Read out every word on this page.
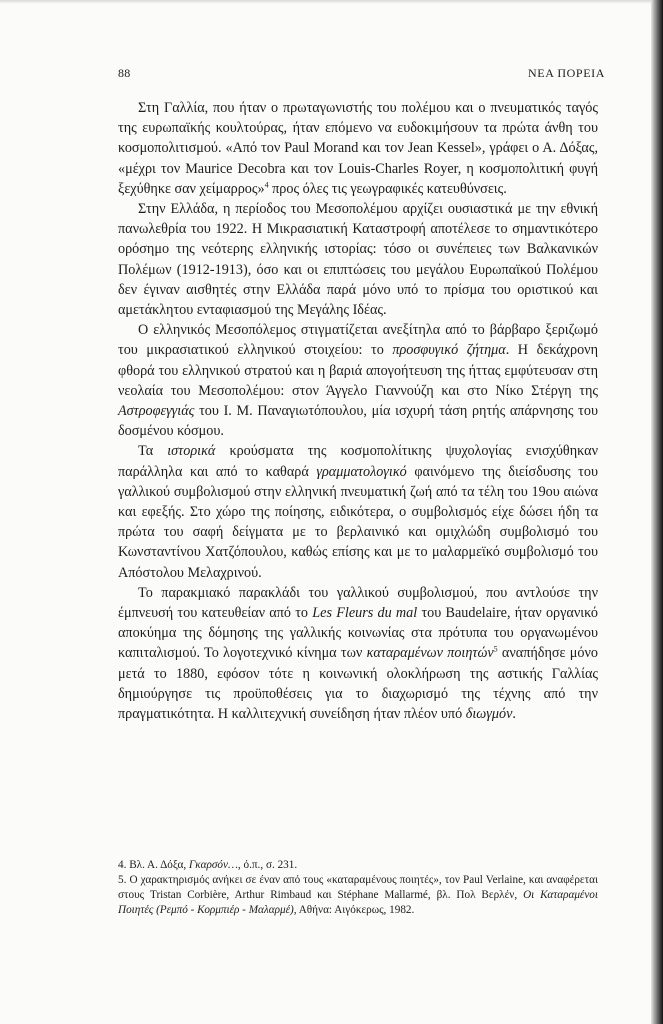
88	ΝΕΑ ΠΟΡΕΙΑ

Στη Γαλλία, που ήταν ο πρωταγωνιστής του πολέμου και ο πνευματικός ταγός της ευρωπαϊκής κουλτούρας, ήταν επόμενο να ευδοκιμήσουν τα πρώτα άνθη του κοσμοπολιτισμού. «Από τον Paul Morand και τον Jean Kessel», γράφει ο Α. Δόξας, «μέχρι τον Maurice Decobra και τον Louis-Charles Royer, η κοσμοπολιτική φυγή ξεχύθηκε σαν χείμαρρος»$^4$ προς όλες τις γεωγραφικές κατευθύνσεις.

Στην Ελλάδα, η περίοδος του Μεσοπολέμου αρχίζει ουσιαστικά με την εθνική πανωλεθρία του 1922. Η Μικρασιατική Καταστροφή αποτέλεσε το σημαντικότερο ορόσημο της νεότερης ελληνικής ιστορίας: τόσο οι συνέπειες των Βαλκανικών Πολέμων (1912-1913), όσο και οι επιπτώσεις του μεγάλου Ευρωπαϊκού Πολέμου δεν έγιναν αισθητές στην Ελλάδα παρά μόνο υπό το πρίσμα του οριστικού και αμετάκλητου ενταφιασμού της Μεγάλης Ιδέας.

Ο ελληνικός Μεσοπόλεμος στιγματίζεται ανεξίτηλα από το βάρβαρο ξεριζωμό του μικρασιατικού ελληνικού στοιχείου: το προσφυγικό ζήτημα. Η δεκάχρονη φθορά του ελληνικού στρατού και η βαριά απογοήτευση της ήττας εμφύτευσαν στη νεολαία του Μεσοπολέμου: στον Άγγελο Γιαννούζη και στο Νίκο Στέργη της Αστροφεγγιάς του Ι. Μ. Παναγιωτόπουλου, μία ισχυρή τάση ρητής απάρνησης του δοσμένου κόσμου.

Τα ιστορικά κρούσματα της κοσμοπολίτικης ψυχολογίας ενισχύθηκαν παράλληλα και από το καθαρά γραμματολογικό φαινόμενο της διείσδυσης του γαλλικού συμβολισμού στην ελληνική πνευματική ζωή από τα τέλη του 19ου αιώνα και εφεξής. Στο χώρο της ποίησης, ειδικότερα, ο συμβολισμός είχε δώσει ήδη τα πρώτα του σαφή δείγματα με το βερλαινικό και ομιχλώδη συμβολισμό του Κωνσταντίνου Χατζόπουλου, καθώς επίσης και με το μαλαρμεϊκό συμβολισμό του Απόστολου Μελαχρινού.

Το παρακμιακό παρακλάδι του γαλλικού συμβολισμού, που αντλούσε την έμπνευσή του κατευθείαν από το Les Fleurs du mal του Baudelaire, ήταν οργανικό αποκύημα της δόμησης της γαλλικής κοινωνίας στα πρότυπα του οργανωμένου καπιταλισμού. Το λογοτεχνικό κίνημα των καταραμένων ποιητών$^5$ αναπήδησε μόνο μετά το 1880, εφόσον τότε η κοινωνική ολοκλήρωση της αστικής Γαλλίας δημιούργησε τις προϋποθέσεις για το διαχωρισμό της τέχνης από την πραγματικότητα. Η καλλιτεχνική συνείδηση ήταν πλέον υπό διωγμόν.

4. Βλ. Α. Δόξα, Γκαρσόν…, ό.π., σ. 231.

5. Ο χαρακτηρισμός ανήκει σε έναν από τους «καταραμένους ποιητές», τον Paul Verlaine, και αναφέρεται στους Tristan Corbière, Arthur Rimbaud και Stéphane Mallarmé, βλ. Πολ Βερλέν, Οι Καταραμένοι Ποιητές (Ρεμπό - Κορμπιέρ - Μαλαρμέ), Αθήνα: Αιγόκερως, 1982.
